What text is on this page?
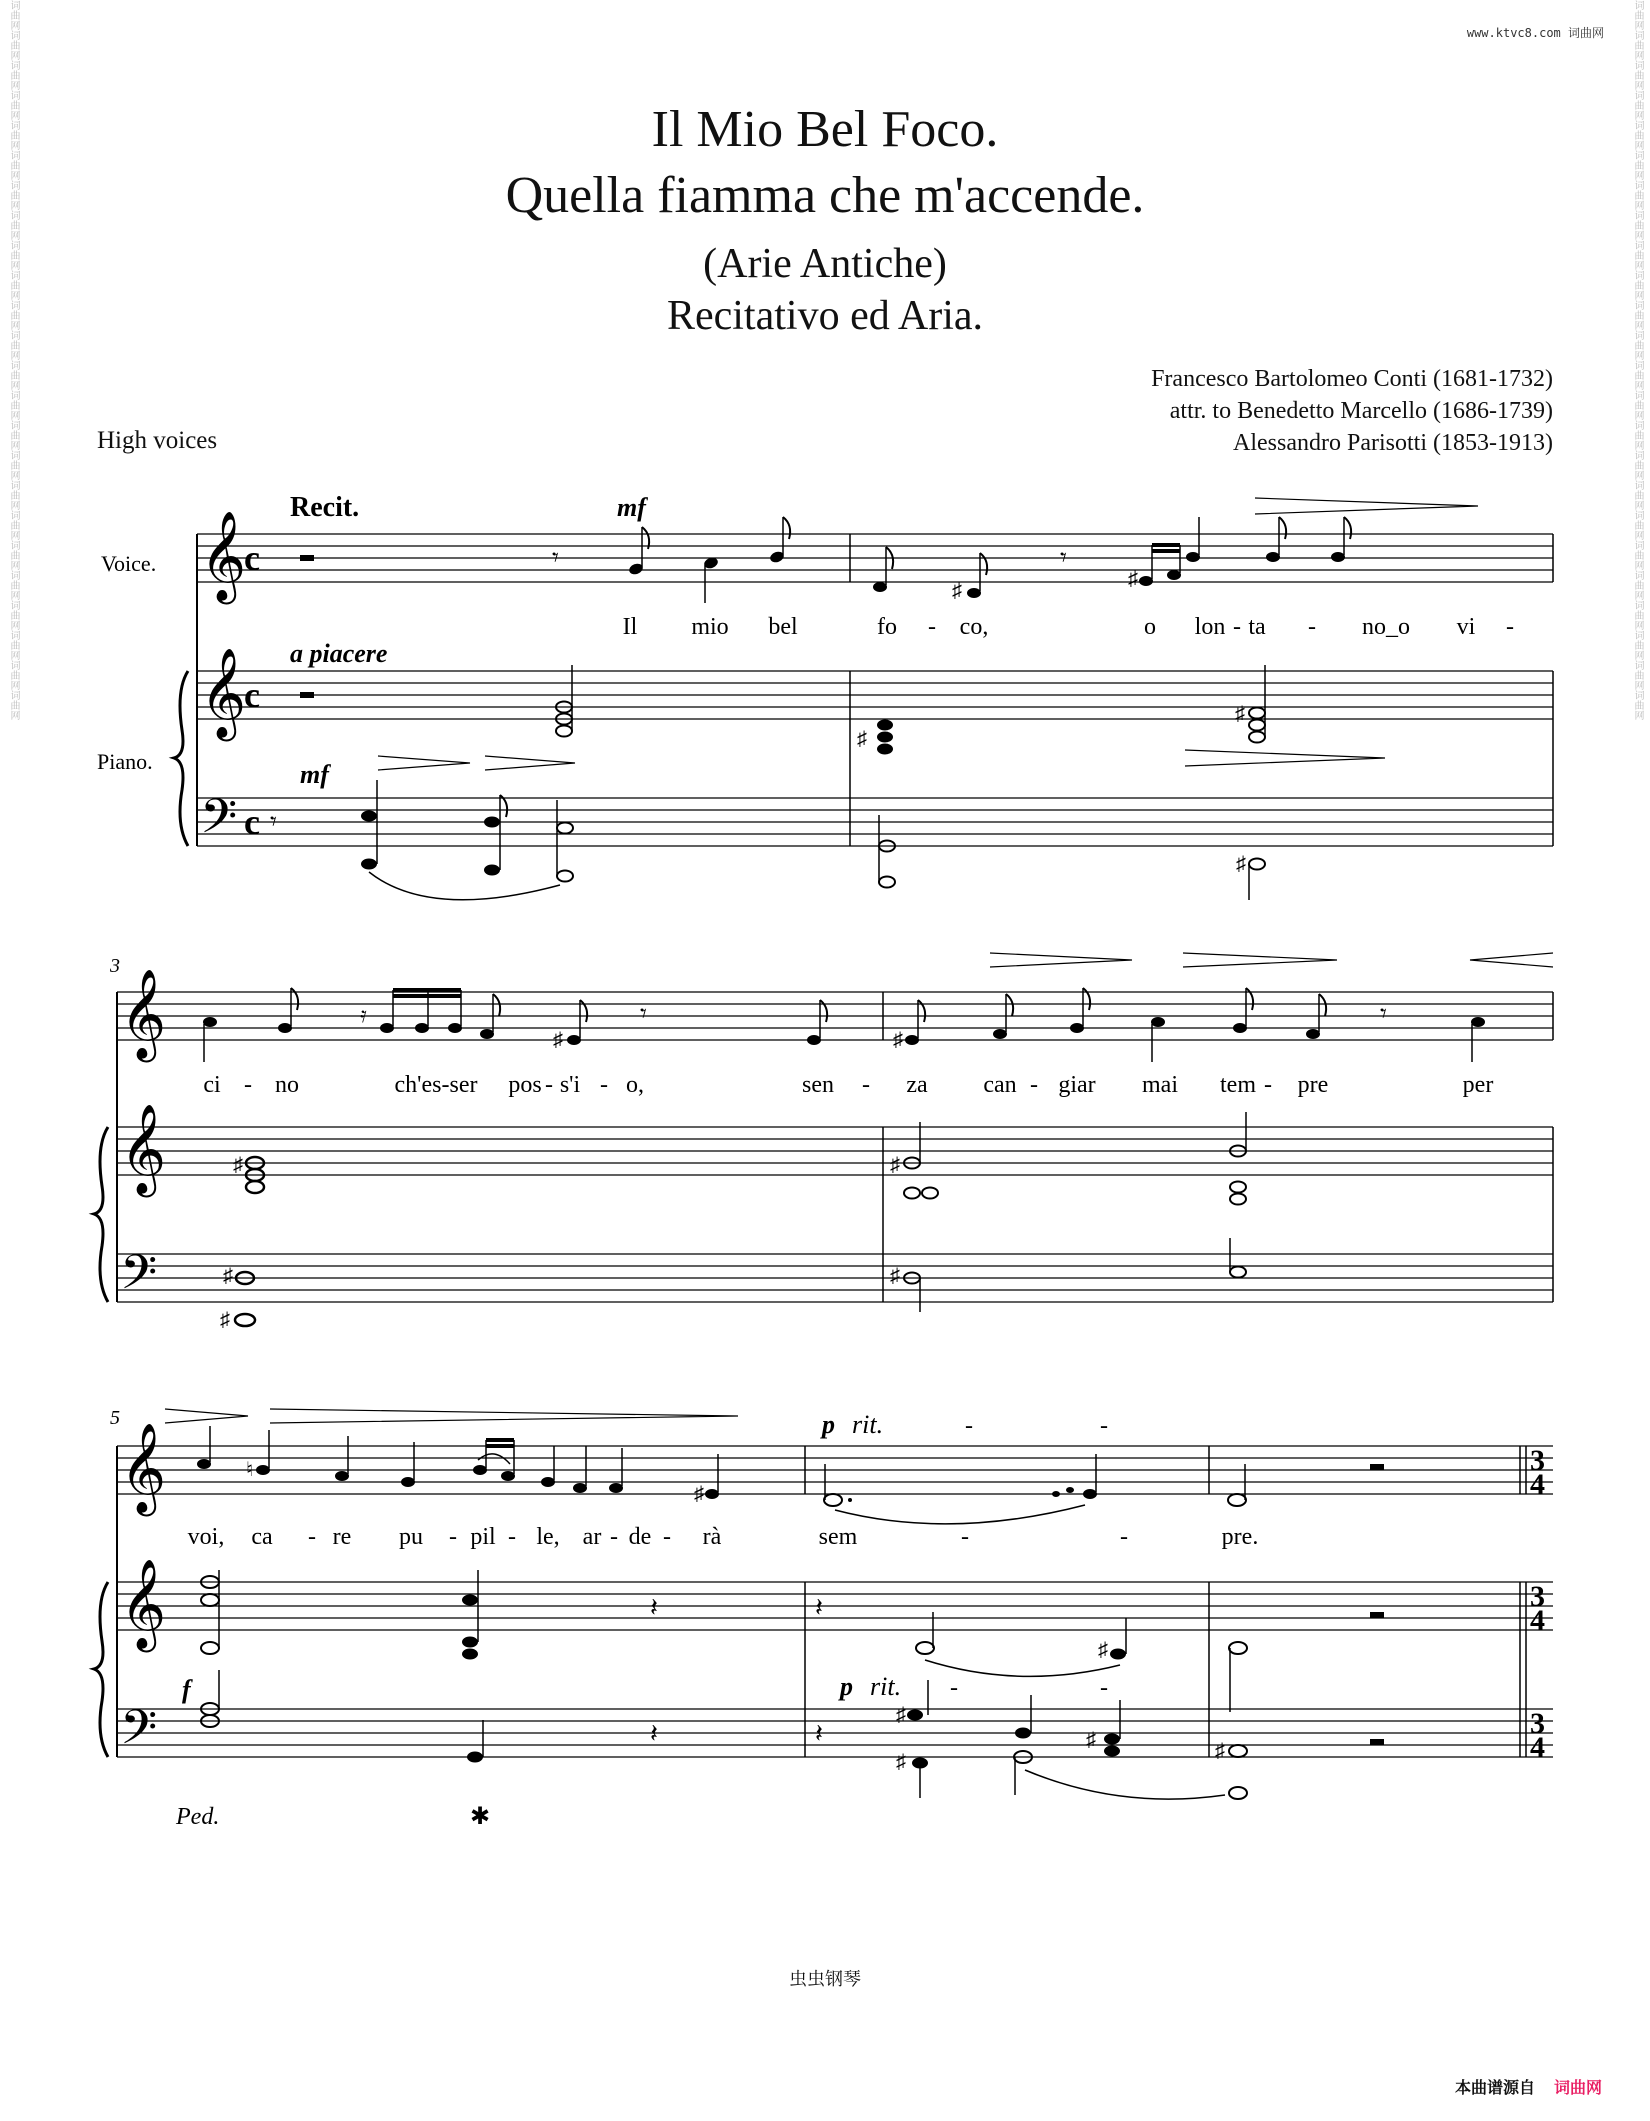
词曲网词曲网词曲网词曲网词曲网词曲网词曲网词曲网词曲网词曲网词曲网词曲网词曲网词曲网词曲网词曲网词曲网词曲网词曲网词曲网词曲网词曲网词曲网词曲网	词曲网词曲网词曲网词曲网词曲网词曲网词曲网词曲网词曲网词曲网词曲网词曲网词曲网词曲网词曲网词曲网词曲网词曲网词曲网词曲网词曲网词曲网词曲网词曲网
www.ktvc8.com 词曲网
Il Mio Bel Foco.
Quella fiamma che m'accende.
(Arie Antiche)
Recitativo ed Aria.
Francesco Bartolomeo Conti (1681-1732)
attr. to Benedetto Marcello (1686-1739)
Alessandro Parisotti (1853-1913)
High voices
Voice.
Piano.
Recit.	mf
a piacere
mf
𝄞
𝄞
𝄢
c
c
c
𝄾
♯
𝄾
♯
♯
♯
𝄾
♯
Il mio bel	fo - co,	o lon - ta - no_o vi -
3
𝄞
𝄞
𝄢
𝄿
♯
𝄾
♯
𝄾
♯	♯
♯
♯
♯
ci - no	ch'es-ser pos - s'i - o,	sen - za can - giar mai tem - pre	per
5
𝄞
𝄞
𝄢
3
4
3
4
3
4
p rit.	-	-
f	p rit. -	-
Ped.	✱
♮
♯
𝄽	𝄽
♯
𝄽	𝄽
♯
♯
♯	♯
voi, ca - re pu - pil - le, ar - de - rà	sem	-	-	pre.
虫虫钢琴
本曲谱源自 词曲网
